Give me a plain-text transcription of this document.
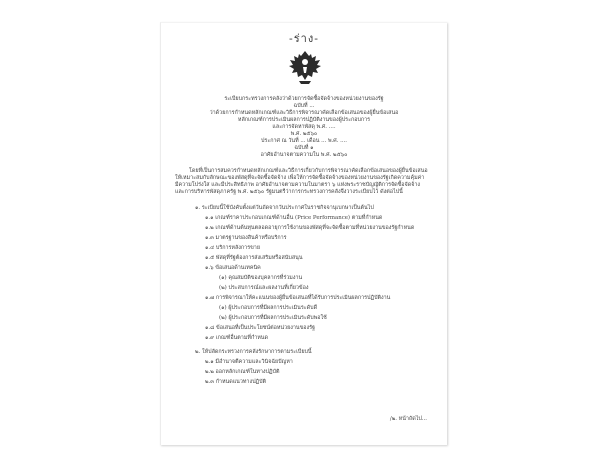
-ร่าง-
ระเบียบกระทรวงการคลังว่าด้วยการจัดซื้อจัดจ้างของหน่วยงานของรัฐ
ฉบับที่ ...
ว่าด้วยการกำหนดหลักเกณฑ์และวิธีการพิจารณาคัดเลือกข้อเสนอของผู้ยื่นข้อเสนอ
หลักเกณฑ์การประเมินผลการปฏิบัติงานของผู้ประกอบการ
และการจัดหาพัสดุ พ.ศ. ....
พ.ศ. ๒๕๖๐
ประกาศ ณ วันที่ ... เดือน ... พ.ศ. ....
ฉบับที่ ๑
อาศัยอำนาจตามความใน พ.ศ. ๒๕๖๐
โดยที่เป็นการสมควรกำหนดหลักเกณฑ์และวิธีการเกี่ยวกับการพิจารณาคัดเลือกข้อเสนอของผู้ยื่นข้อเสนอ
ให้เหมาะสมกับลักษณะของพัสดุที่จะจัดซื้อจัดจ้าง เพื่อให้การจัดซื้อจัดจ้างของหน่วยงานของรัฐเกิดความคุ้มค่า
มีความโปร่งใส และมีประสิทธิภาพ อาศัยอำนาจตามความในมาตรา ๖ แห่งพระราชบัญญัติการจัดซื้อจัดจ้าง
และการบริหารพัสดุภาครัฐ พ.ศ. ๒๕๖๐ รัฐมนตรีว่าการกระทรวงการคลังจึงวางระเบียบไว้ ดังต่อไปนี้
๑. ระเบียบนี้ใช้บังคับตั้งแต่วันถัดจากวันประกาศในราชกิจจานุเบกษาเป็นต้นไป
๑.๑ เกณฑ์ราคาประกอบเกณฑ์ด้านอื่น (Price Performance) ตามที่กำหนด
๑.๒ เกณฑ์ด้านต้นทุนตลอดอายุการใช้งานของพัสดุที่จะจัดซื้อตามที่หน่วยงานของรัฐกำหนด
๑.๓ มาตรฐานของสินค้าหรือบริการ
๑.๔ บริการหลังการขาย
๑.๕ พัสดุที่รัฐต้องการส่งเสริมหรือสนับสนุน
๑.๖ ข้อเสนอด้านเทคนิค
(๑) คุณสมบัติของบุคลากรที่ร่วมงาน
(๒) ประสบการณ์และผลงานที่เกี่ยวข้อง
๑.๗ การพิจารณาให้คะแนนของผู้ยื่นข้อเสนอที่ได้รับการประเมินผลการปฏิบัติงาน
(๑) ผู้ประกอบการที่มีผลการประเมินระดับดี
(๒) ผู้ประกอบการที่มีผลการประเมินระดับพอใช้
๑.๘ ข้อเสนอที่เป็นประโยชน์ต่อหน่วยงานของรัฐ
๑.๙ เกณฑ์อื่นตามที่กำหนด
๒. ให้ปลัดกระทรวงการคลังรักษาการตามระเบียบนี้
๒.๑ มีอำนาจตีความและวินิจฉัยปัญหา
๒.๒ ออกหลักเกณฑ์ในทางปฏิบัติ
๒.๓ กำหนดแนวทางปฏิบัติ
/๒. หน้าถัดไป...
